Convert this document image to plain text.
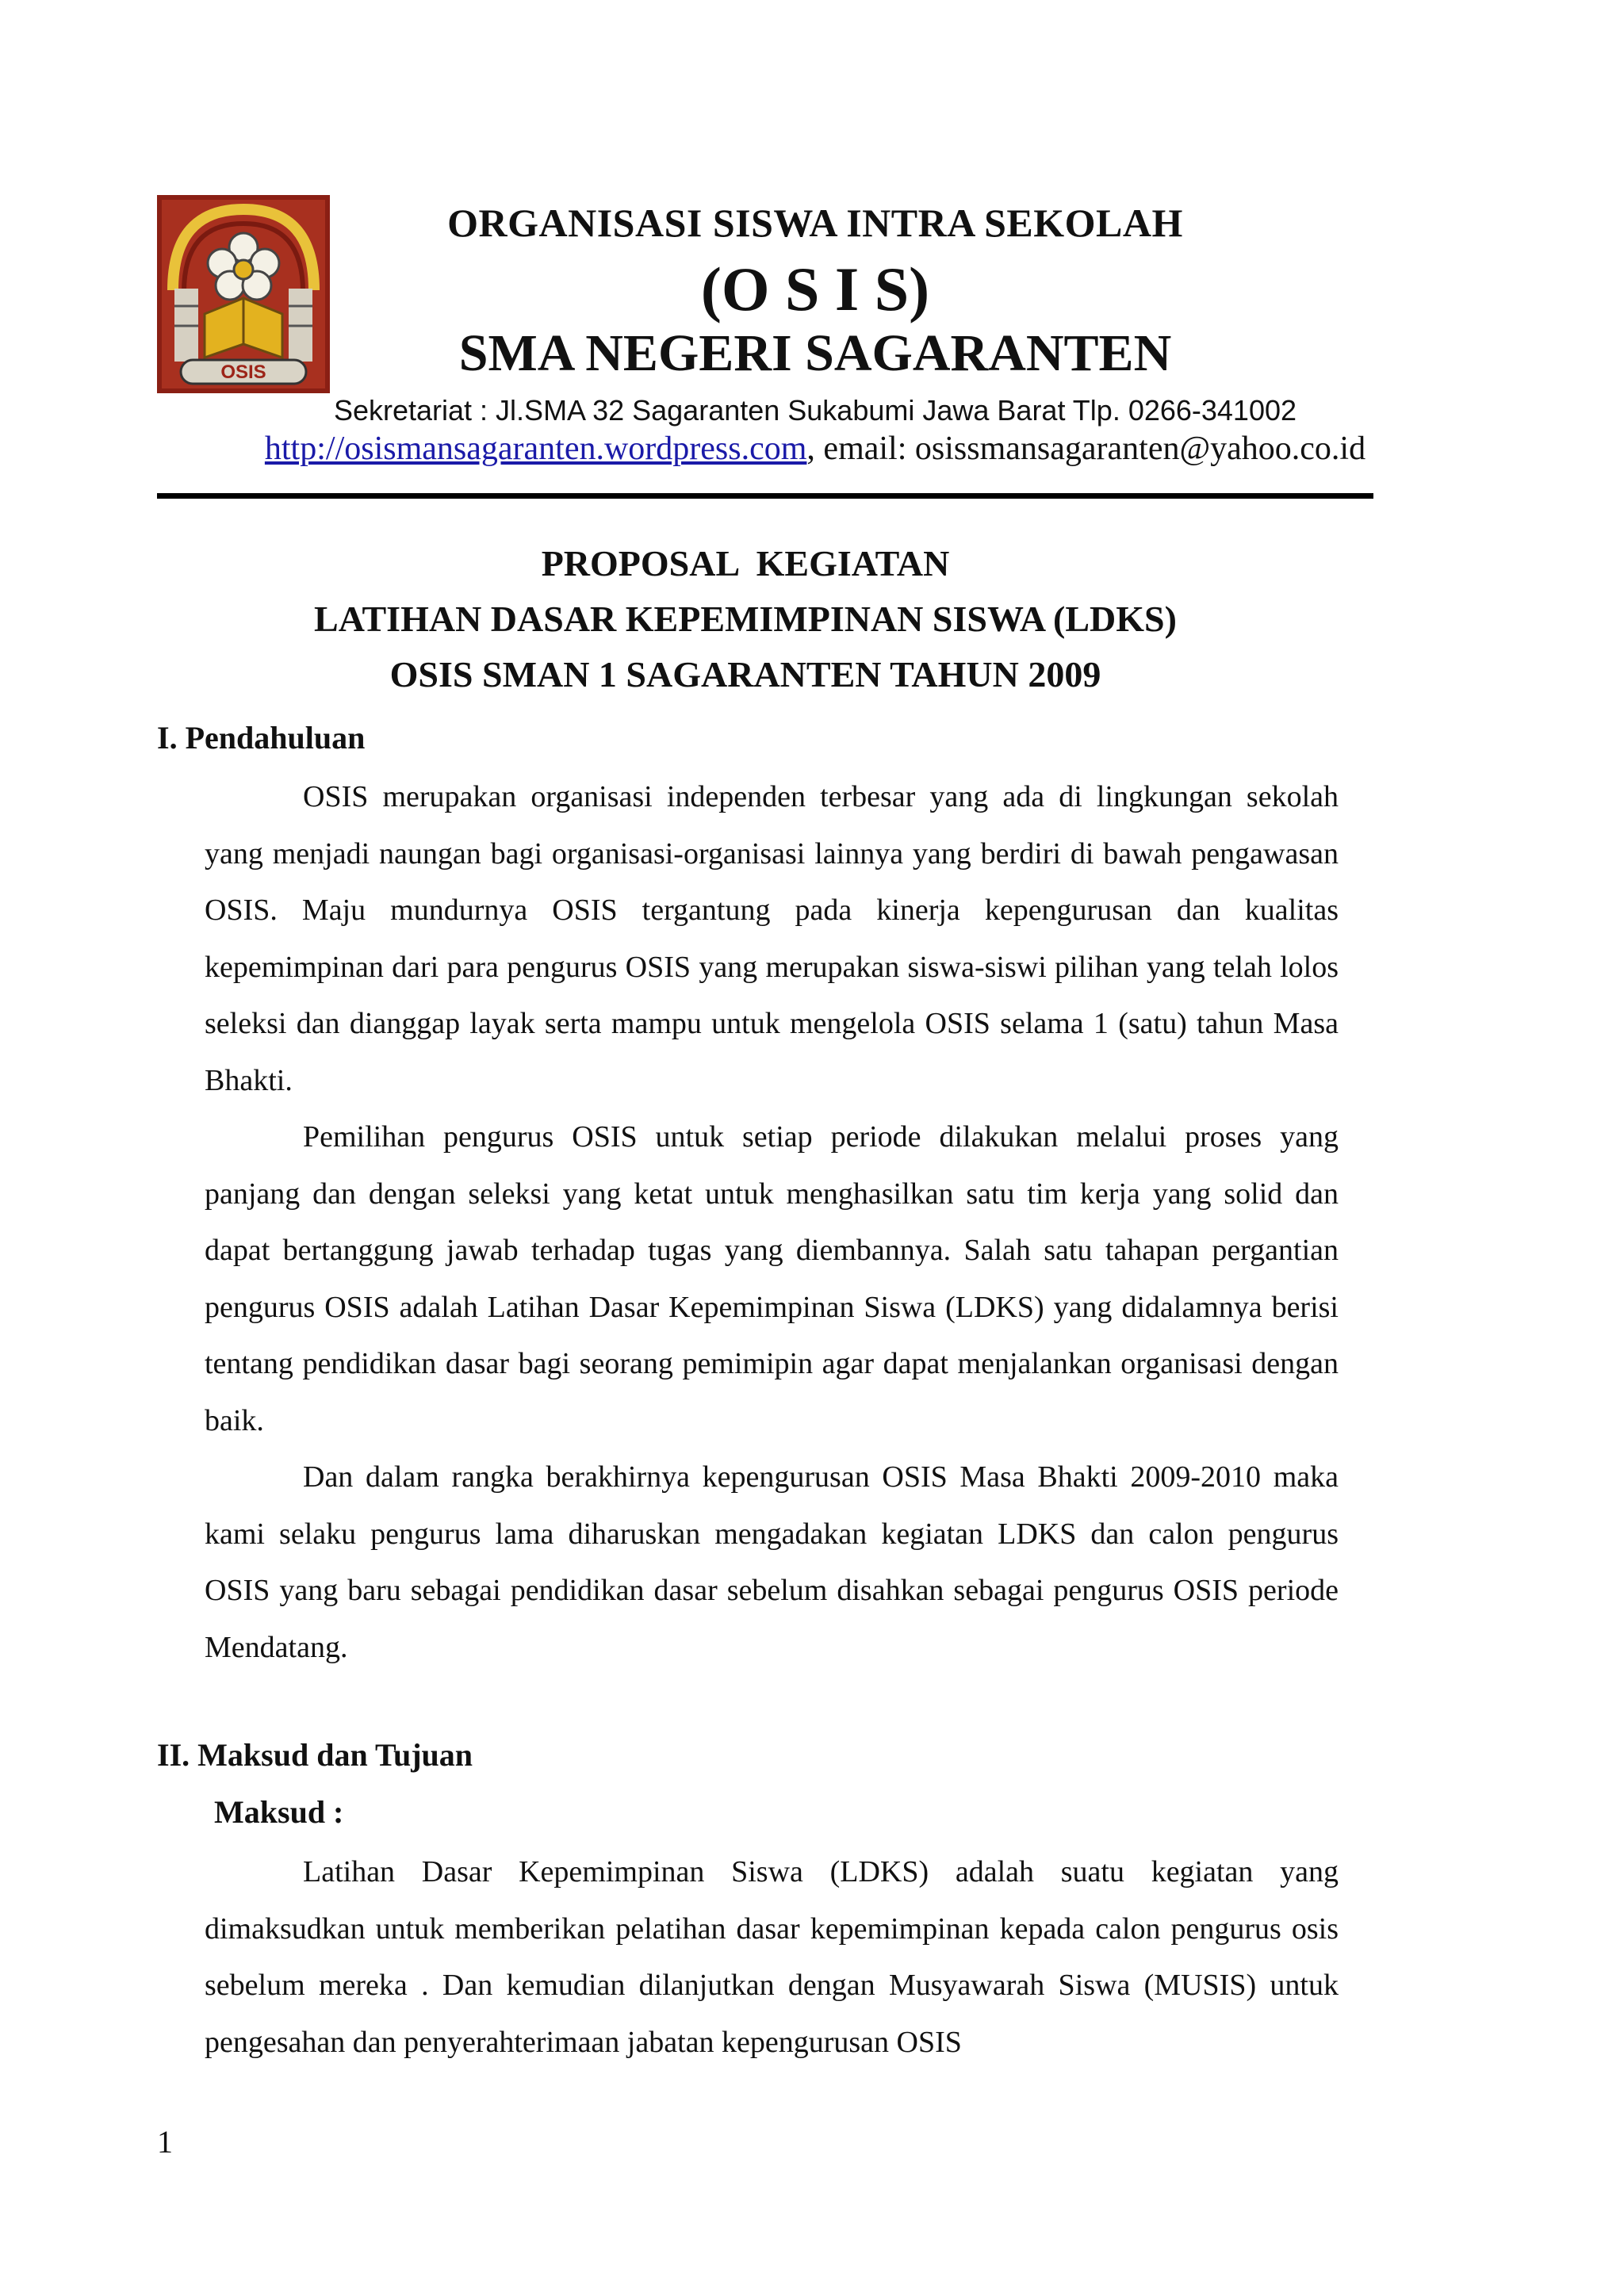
OSIS
ORGANISASI SISWA INTRA SEKOLAH
(O S I S)
SMA NEGERI SAGARANTEN
Sekretariat : Jl.SMA 32 Sagaranten Sukabumi Jawa Barat Tlp. 0266-341002
http://osismansagaranten.wordpress.com, email: osissmansagaranten@yahoo.co.id
PROPOSAL  KEGIATAN
LATIHAN DASAR KEPEMIMPINAN SISWA (LDKS)
OSIS SMAN 1 SAGARANTEN TAHUN 2009
I. Pendahuluan

OSIS merupakan organisasi independen terbesar yang ada di lingkungan sekolah yang menjadi naungan bagi organisasi-organisasi lainnya yang berdiri di bawah pengawasan OSIS. Maju mundurnya OSIS tergantung pada kinerja kepengurusan dan kualitas kepemimpinan dari para pengurus OSIS yang merupakan siswa-siswi pilihan yang telah lolos seleksi dan dianggap layak serta mampu untuk mengelola OSIS selama 1 (satu) tahun Masa Bhakti.

Pemilihan pengurus OSIS untuk setiap periode dilakukan melalui proses yang panjang dan dengan seleksi yang ketat untuk menghasilkan satu tim kerja yang solid dan dapat bertanggung jawab terhadap tugas yang diembannya. Salah satu tahapan pergantian pengurus OSIS adalah Latihan Dasar Kepemimpinan Siswa (LDKS) yang didalamnya berisi tentang pendidikan dasar bagi seorang pemimipin agar dapat menjalankan organisasi dengan baik.

Dan dalam rangka berakhirnya kepengurusan OSIS Masa Bhakti 2009-2010 maka kami selaku pengurus lama diharuskan mengadakan kegiatan LDKS dan calon pengurus OSIS yang baru sebagai pendidikan dasar sebelum disahkan sebagai pengurus OSIS periode Mendatang.

II. Maksud dan Tujuan
Maksud :

Latihan Dasar Kepemimpinan Siswa (LDKS) adalah suatu kegiatan yang dimaksudkan untuk memberikan pelatihan dasar kepemimpinan kepada calon pengurus osis sebelum mereka . Dan kemudian dilanjutkan dengan Musyawarah Siswa (MUSIS) untuk pengesahan dan penyerahterimaan jabatan kepengurusan OSIS

1
